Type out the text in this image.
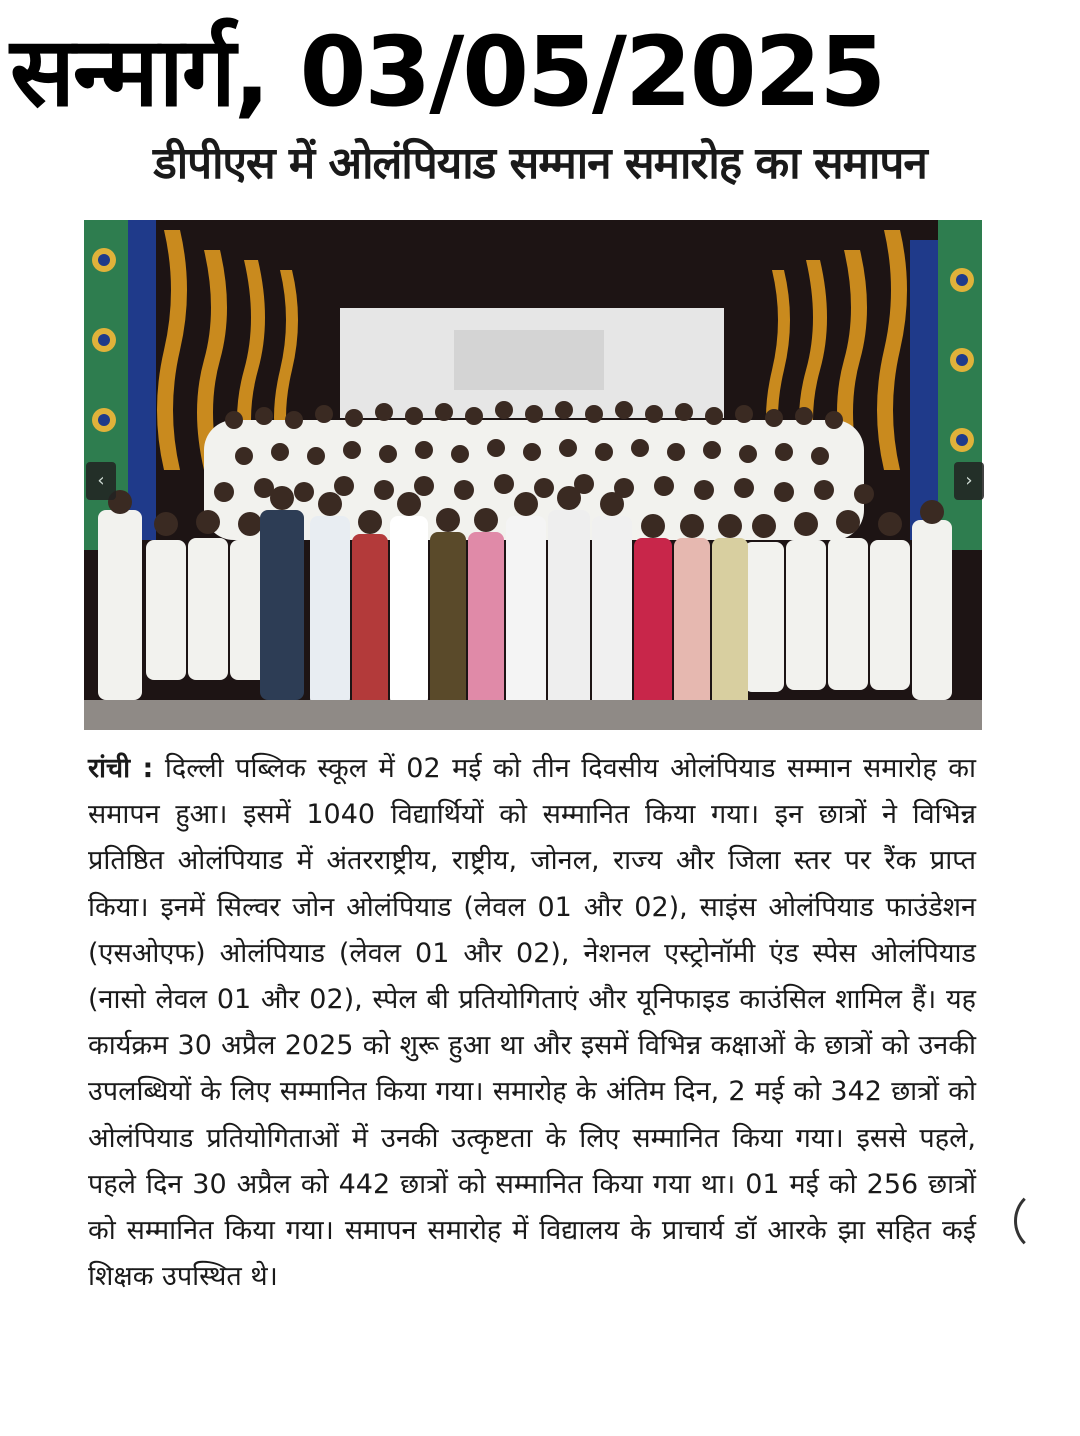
सन्मार्ग, 03/05/2025
डीपीएस में ओलंपियाड सम्मान समारोह का समापन
‹	›
रांची : दिल्ली पब्लिक स्कूल में 02 मई को तीन दिवसीय ओलंपियाड सम्मान समारोह का समापन हुआ। इसमें 1040 विद्यार्थियों को सम्मानित किया गया। इन छात्रों ने विभिन्न प्रतिष्ठित ओलंपियाड में अंतरराष्ट्रीय, राष्ट्रीय, जोनल, राज्य और जिला स्तर पर रैंक प्राप्त किया। इनमें सिल्वर जोन ओलंपियाड (लेवल 01 और 02), साइंस ओलंपियाड फाउंडेशन (एसओएफ) ओलंपियाड (लेवल 01 और 02), नेशनल एस्ट्रोनॉमी एंड स्पेस ओलंपियाड (नासो लेवल 01 और 02), स्पेल बी प्रतियोगिताएं और यूनिफाइड काउंसिल शामिल हैं। यह कार्यक्रम 30 अप्रैल 2025 को शुरू हुआ था और इसमें विभिन्न कक्षाओं के छात्रों को उनकी उपलब्धियों के लिए सम्मानित किया गया। समारोह के अंतिम दिन, 2 मई को 342 छात्रों को ओलंपियाड प्रतियोगिताओं में उनकी उत्कृष्टता के लिए सम्मानित किया गया। इससे पहले, पहले दिन 30 अप्रैल को 442 छात्रों को सम्मानित किया गया था। 01 मई को 256 छात्रों को सम्मानित किया गया। समापन समारोह में विद्यालय के प्राचार्य डॉ आरके झा सहित कई शिक्षक उपस्थित थे।
